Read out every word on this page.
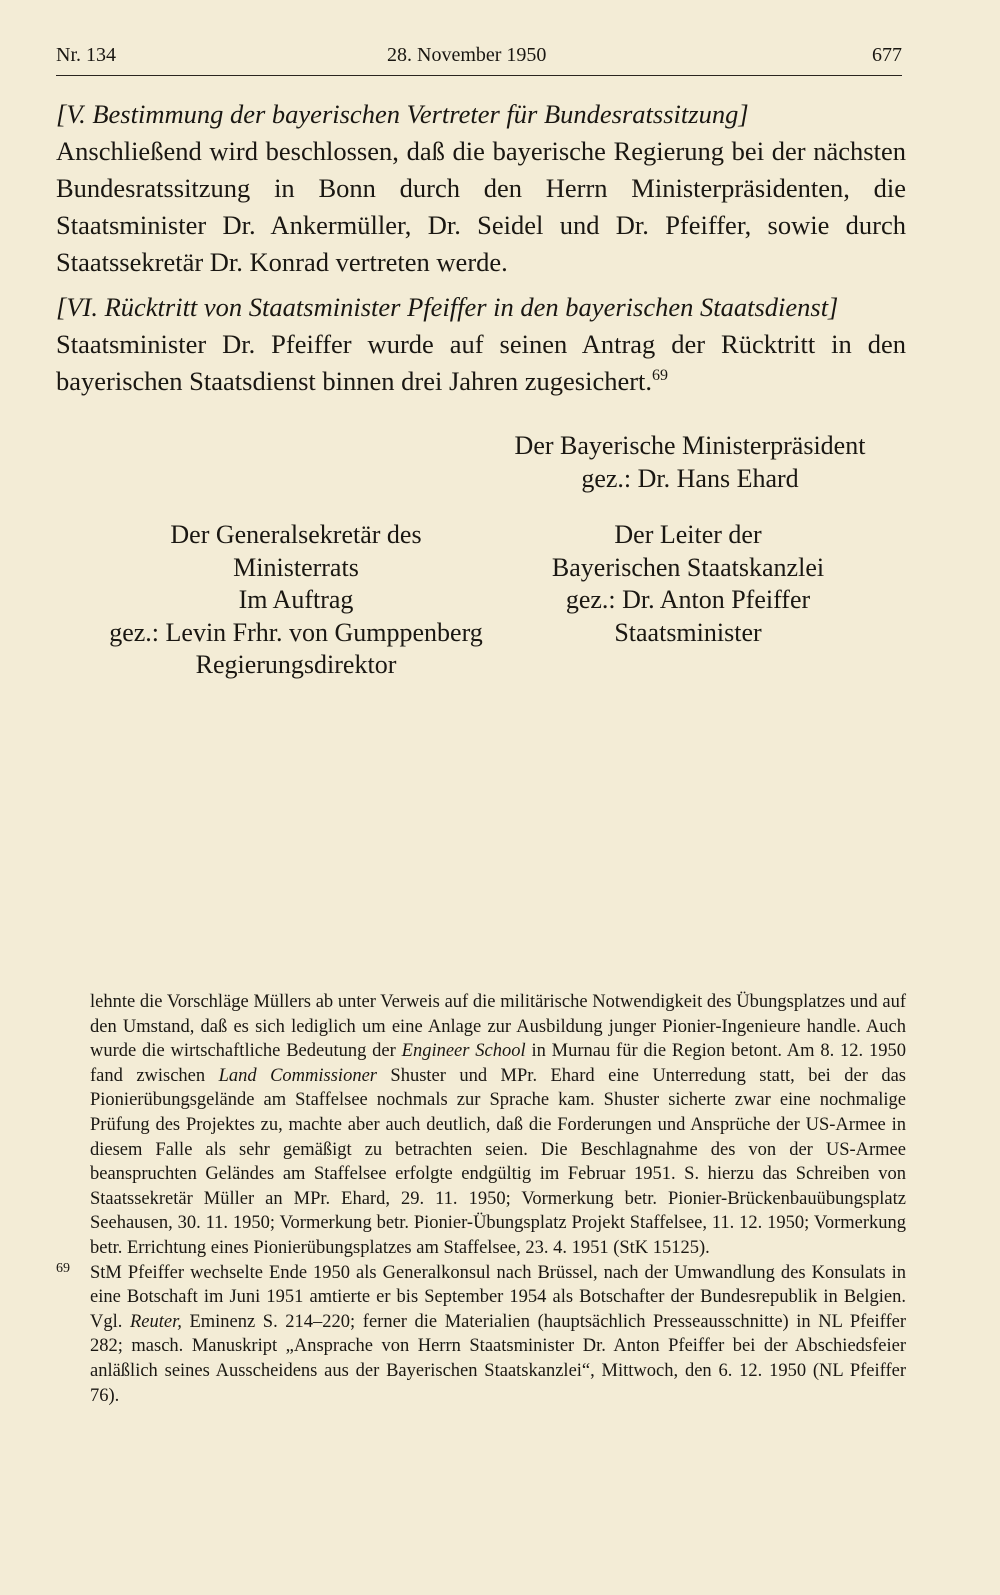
Nr. 134	28. November 1950	677

[V. Bestimmung der bayerischen Vertreter für Bundesratssitzung]

Anschließend wird beschlossen, daß die bayerische Regierung bei der nächsten Bundesratssitzung in Bonn durch den Herrn Ministerpräsidenten, die Staatsminister Dr. Ankermüller, Dr. Seidel und Dr. Pfeiffer, sowie durch Staatssekretär Dr. Konrad vertreten werde.

[VI. Rücktritt von Staatsminister Pfeiffer in den bayerischen Staatsdienst]

Staatsminister Dr. Pfeiffer wurde auf seinen Antrag der Rücktritt in den bayerischen Staatsdienst binnen drei Jahren zugesichert.$^{69}$

Der Bayerische Ministerpräsident
gez.: Dr. Hans Ehard
Der Generalsekretär des
Ministerrats
Im Auftrag
gez.: Levin Frhr. von Gumppenberg
Regierungsdirektor
Der Leiter der
Bayerischen Staatskanzlei
gez.: Dr. Anton Pfeiffer
Staatsminister

lehnte die Vorschläge Müllers ab unter Verweis auf die militärische Notwendigkeit des Übungsplatzes und auf den Umstand, daß es sich lediglich um eine Anlage zur Ausbildung junger Pionier-Ingenieure handle. Auch wurde die wirtschaftliche Bedeutung der Engineer School in Murnau für die Region betont. Am 8. 12. 1950 fand zwischen Land Commissioner Shuster und MPr. Ehard eine Unterredung statt, bei der das Pionierübungsgelände am Staffelsee nochmals zur Sprache kam. Shuster sicherte zwar eine nochmalige Prüfung des Projektes zu, machte aber auch deutlich, daß die Forderungen und Ansprüche der US-Armee in diesem Falle als sehr gemäßigt zu betrachten seien. Die Beschlagnahme des von der US-Armee beanspruchten Geländes am Staffelsee erfolgte endgültig im Februar 1951. S. hierzu das Schreiben von Staatssekretär Müller an MPr. Ehard, 29. 11. 1950; Vormerkung betr. Pionier-Brückenbauübungsplatz Seehausen, 30. 11. 1950; Vormerkung betr. Pionier-Übungsplatz Projekt Staffelsee, 11. 12. 1950; Vormerkung betr. Errichtung eines Pionierübungsplatzes am Staffelsee, 23. 4. 1951 (StK 15125).

69 StM Pfeiffer wechselte Ende 1950 als Generalkonsul nach Brüssel, nach der Umwandlung des Konsulats in eine Botschaft im Juni 1951 amtierte er bis September 1954 als Botschafter der Bundesrepublik in Belgien. Vgl. Reuter, Eminenz S. 214–220; ferner die Materialien (hauptsächlich Presseausschnitte) in NL Pfeiffer 282; masch. Manuskript „Ansprache von Herrn Staatsminister Dr. Anton Pfeiffer bei der Abschiedsfeier anläßlich seines Ausscheidens aus der Bayerischen Staatskanzlei“, Mittwoch, den 6. 12. 1950 (NL Pfeiffer 76).
